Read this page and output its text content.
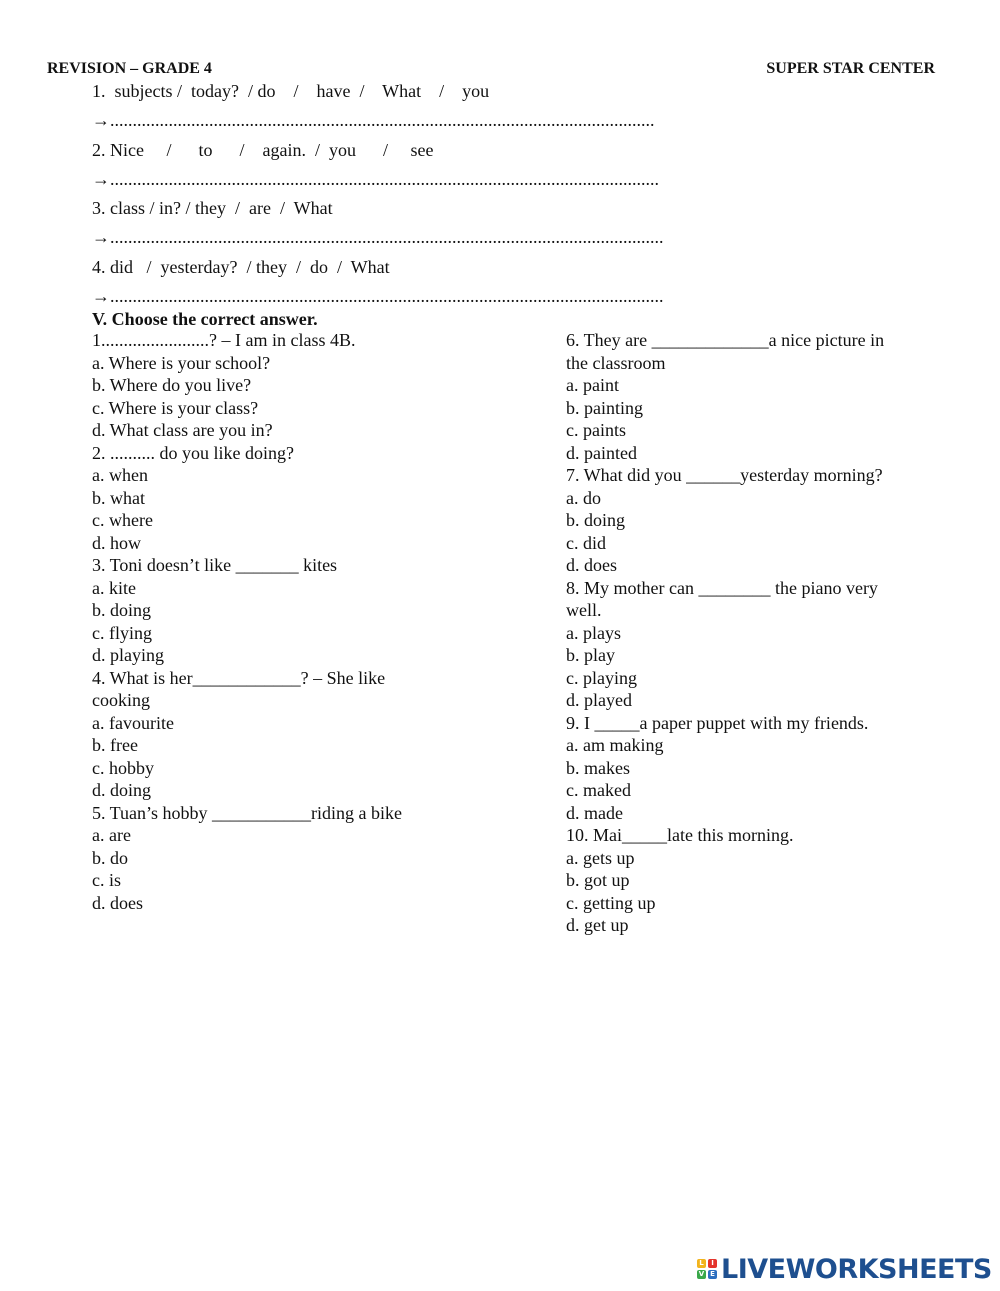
REVISION – GRADE 4	SUPER STAR CENTER
1.  subjects /  today?  / do    /    have  /    What    /    you
→.........................................................................................................................
2. Nice     /      to      /    again.  /  you      /     see
→..........................................................................................................................
3. class / in? / they  /  are  /  What
→...........................................................................................................................
4. did   /  yesterday?  / they  /  do  /  What
→...........................................................................................................................
V. Choose the correct answer.
1........................? – I am in class 4B.
a. Where is your school?
b. Where do you live?
c. Where is your class?
d. What class are you in?
2. .......... do you like doing?
a. when
b. what
c. where
d. how
3. Toni doesn’t like _______ kites
a. kite
b. doing
c. flying
d. playing
4. What is her____________? – She like
cooking
a. favourite
b. free
c. hobby
d. doing
5. Tuan’s hobby ___________riding a bike
a. are
b. do
c. is
d. does
6. They are _____________a nice picture in
the classroom
a. paint
b. painting
c. paints
d. painted
7. What did you ______yesterday morning?
a. do
b. doing
c. did
d. does
8. My mother can ________ the piano very
well.
a. plays
b. play
c. playing
d. played
9. I _____a paper puppet with my friends.
a. am making
b. makes
c. maked
d. made
10. Mai_____late this morning.
a. gets up
b. got up
c. getting up
d. get up
L	I
V E LIVEWORKSHEETS
